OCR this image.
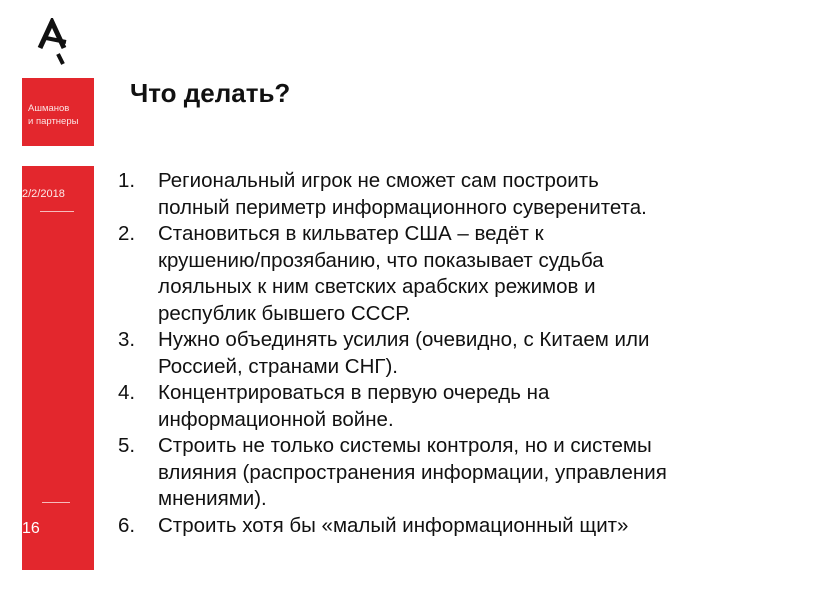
Ашманов
и партнеры
2/2/2018
16
Что делать?
1.	Региональный игрок не сможет сам построить
полный периметр информационного суверенитета.
2.	Становиться в кильватер США – ведёт к
крушению/прозябанию, что показывает судьба
лояльных к ним светских арабских режимов и
республик бывшего СССР.
3.	Нужно объединять усилия (очевидно, с Китаем или
Россией, странами СНГ).
4.	Концентрироваться в первую очередь на
информационной войне.
5.	Строить не только системы контроля, но и системы
влияния (распространения информации, управления
мнениями).
6.	Строить хотя бы «малый информационный щит»
